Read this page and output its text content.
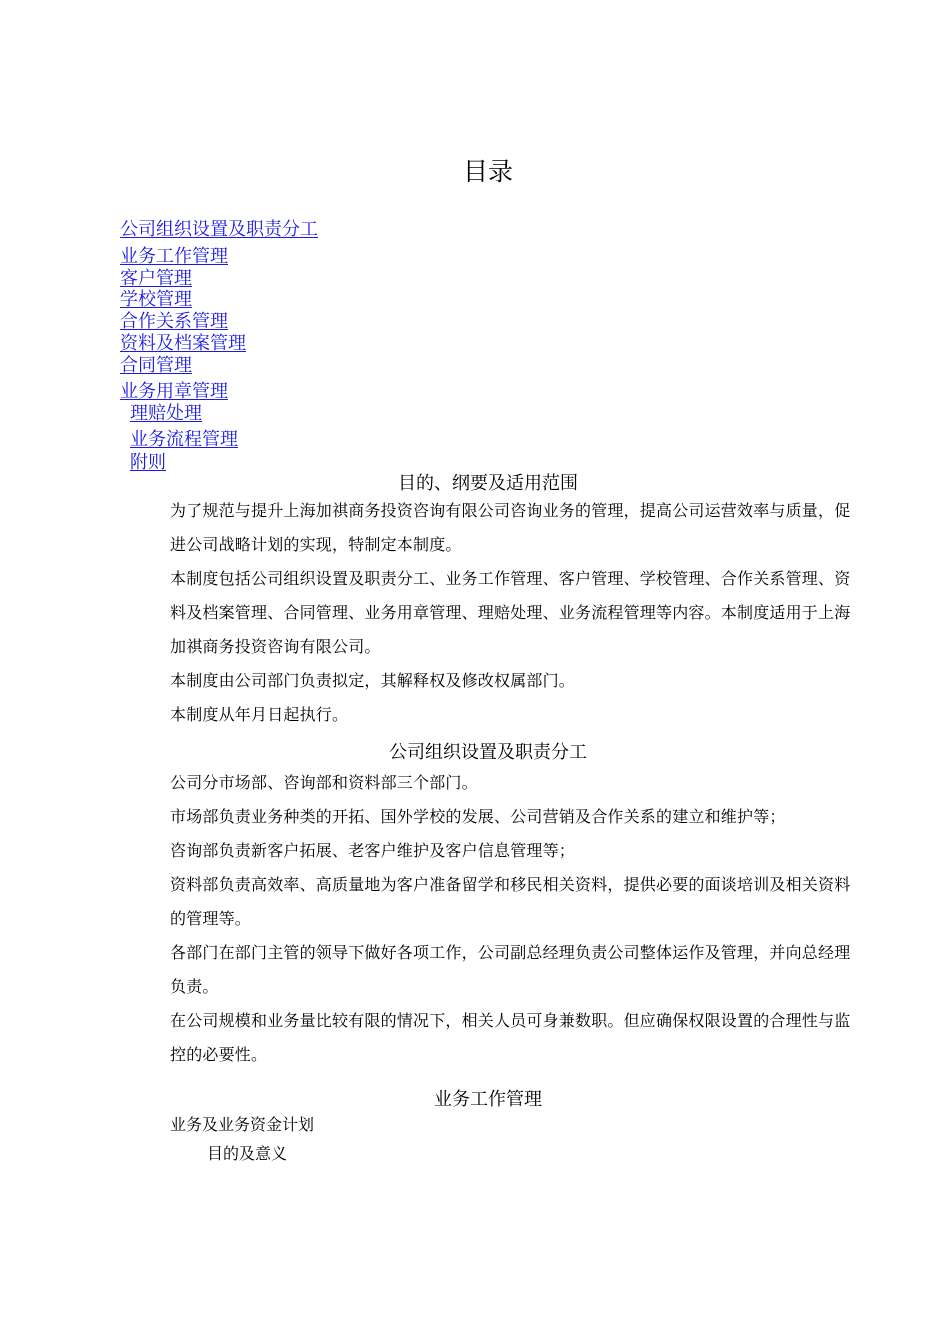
目录
公司组织设置及职责分工
业务工作管理
客户管理
学校管理
合作关系管理
资料及档案管理
合同管理
业务用章管理
理赔处理
业务流程管理
附则
目的、纲要及适用范围

为了规范与提升上海加祺商务投资咨询有限公司咨询业务的管理，提高公司运营效率与质量，促进公司战略计划的实现，特制定本制度。

本制度包括公司组织设置及职责分工、业务工作管理、客户管理、学校管理、合作关系管理、资料及档案管理、合同管理、业务用章管理、理赔处理、业务流程管理等内容。本制度适用于上海加祺商务投资咨询有限公司。

本制度由公司部门负责拟定，其解释权及修改权属部门。

本制度从年月日起执行。

公司组织设置及职责分工

公司分市场部、咨询部和资料部三个部门。

市场部负责业务种类的开拓、国外学校的发展、公司营销及合作关系的建立和维护等；

咨询部负责新客户拓展、老客户维护及客户信息管理等；

资料部负责高效率、高质量地为客户准备留学和移民相关资料，提供必要的面谈培训及相关资料的管理等。

各部门在部门主管的领导下做好各项工作，公司副总经理负责公司整体运作及管理，并向总经理负责。

在公司规模和业务量比较有限的情况下，相关人员可身兼数职。但应确保权限设置的合理性与监控的必要性。

业务工作管理
业务及业务资金计划
目的及意义
